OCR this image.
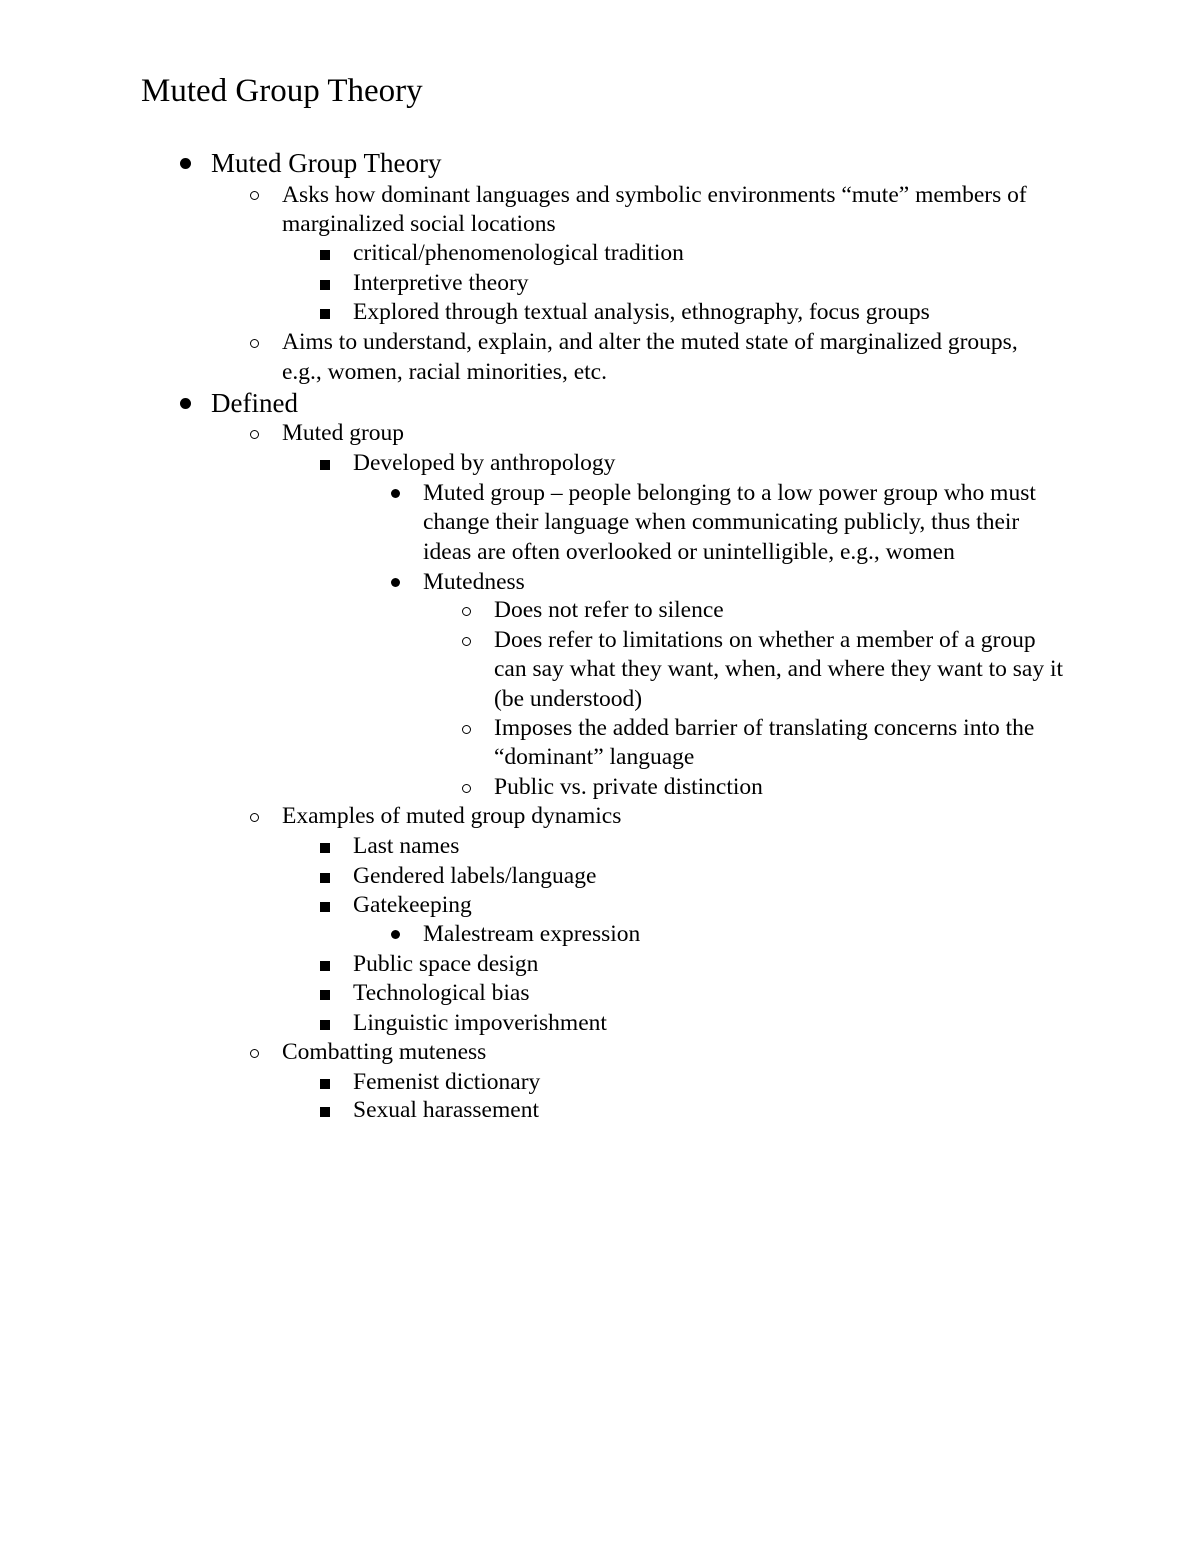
Muted Group Theory
Muted Group Theory
Asks how dominant languages and symbolic environments “mute” members of
marginalized social locations
critical/phenomenological tradition
Interpretive theory
Explored through textual analysis, ethnography, focus groups
Aims to understand, explain, and alter the muted state of marginalized groups,
e.g., women, racial minorities, etc.
Defined
Muted group
Developed by anthropology
Muted group – people belonging to a low power group who must
change their language when communicating publicly, thus their
ideas are often overlooked or unintelligible, e.g., women
Mutedness
Does not refer to silence
Does refer to limitations on whether a member of a group
can say what they want, when, and where they want to say it
(be understood)
Imposes the added barrier of translating concerns into the
“dominant” language
Public vs. private distinction
Examples of muted group dynamics
Last names
Gendered labels/language
Gatekeeping
Malestream expression
Public space design
Technological bias
Linguistic impoverishment
Combatting muteness
Femenist dictionary
Sexual harassement
